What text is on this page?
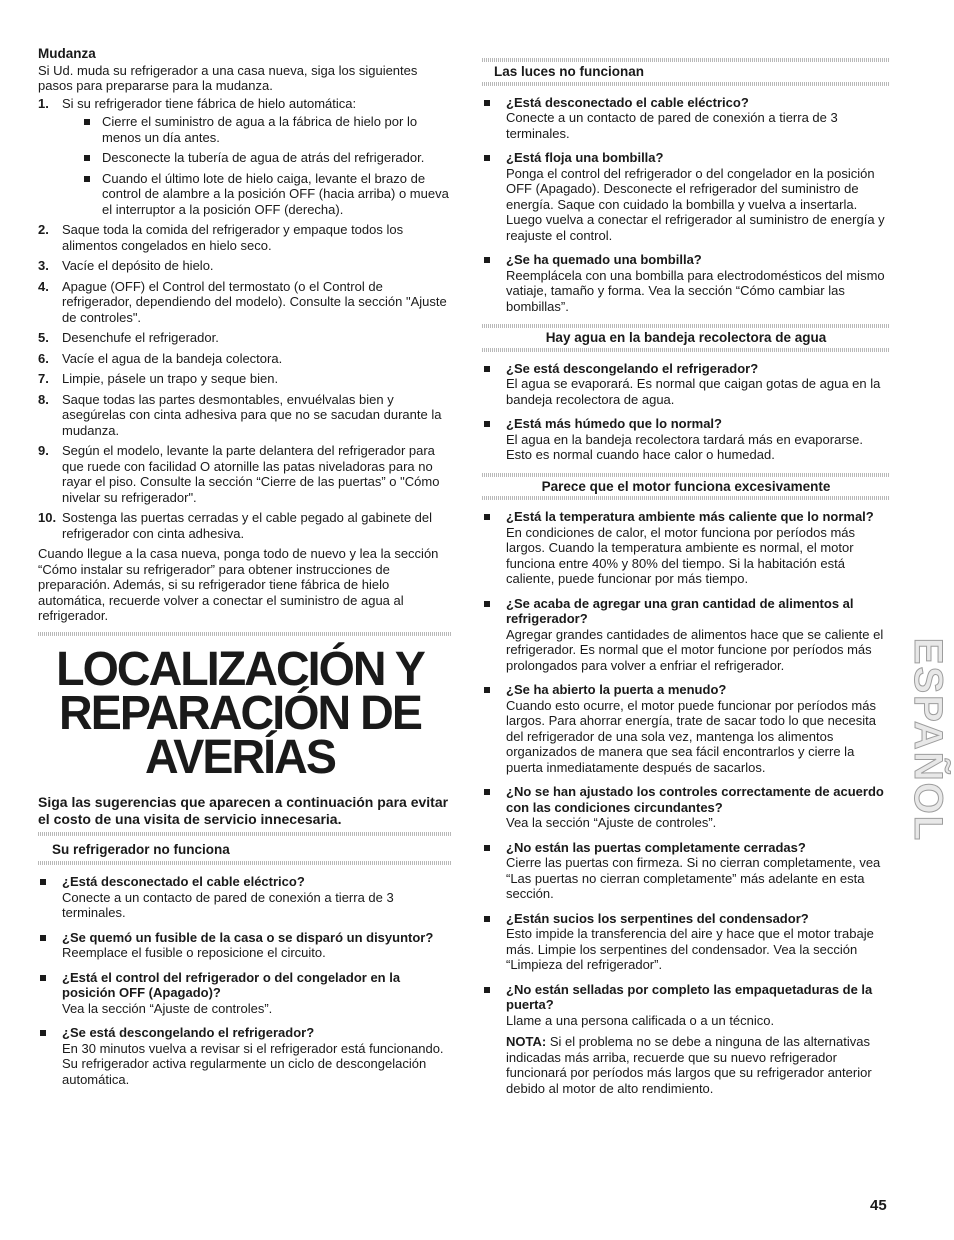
Mudanza

Si Ud. muda su refrigerador a una casa nueva, siga los siguientes pasos para prepararse para la mudanza.

1. Si su refrigerador tiene fábrica de hielo automática:
Cierre el suministro de agua a la fábrica de hielo por lo menos un día antes.
Desconecte la tubería de agua de atrás del refrigerador.
Cuando el último lote de hielo caiga, levante el brazo de control de alambre a la posición OFF (hacia arriba) o mueva el interruptor a la posición OFF (derecha).
2. Saque toda la comida del refrigerador y empaque todos los alimentos congelados en hielo seco.
3. Vacíe el depósito de hielo.
4. Apague (OFF) el Control del termostato (o el Control de refrigerador, dependiendo del modelo). Consulte la sección "Ajuste de controles".
5. Desenchufe el refrigerador.
6. Vacíe el agua de la bandeja colectora.
7. Limpie, pásele un trapo y seque bien.
8. Saque todas las partes desmontables, envuélvalas bien y asegúrelas con cinta adhesiva para que no se sacudan durante la mudanza.
9. Según el modelo, levante la parte delantera del refrigerador para que ruede con facilidad O atornille las patas niveladoras para no rayar el piso. Consulte la sección “Cierre de las puertas” o "Cómo nivelar su refrigerador".
10. Sostenga las puertas cerradas y el cable pegado al gabinete del refrigerador con cinta adhesiva.

Cuando llegue a la casa nueva, ponga todo de nuevo y lea la sección “Cómo instalar su refrigerador” para obtener instrucciones de preparación. Además, si su refrigerador tiene fábrica de hielo automática, recuerde volver a conectar el suministro de agua al refrigerador.

LOCALIZACIÓN Y
REPARACIÓN DE
AVERÍAS

Siga las sugerencias que aparecen a continuación para evitar el costo de una visita de servicio innecesaria.

Su refrigerador no funciona
¿Está desconectado el cable eléctrico?
Conecte a un contacto de pared de conexión a tierra de 3 terminales.
¿Se quemó un fusible de la casa o se disparó un disyuntor?
Reemplace el fusible o reposicione el circuito.
¿Está el control del refrigerador o del congelador en la posición OFF (Apagado)?
Vea la sección “Ajuste de controles”.
¿Se está descongelando el refrigerador?
En 30 minutos vuelva a revisar si el refrigerador está funcionando. Su refrigerador activa regularmente un ciclo de descongelación automática.
Las luces no funcionan
¿Está desconectado el cable eléctrico?
Conecte a un contacto de pared de conexión a tierra de 3 terminales.
¿Está floja una bombilla?
Ponga el control del refrigerador o del congelador en la posición OFF (Apagado). Desconecte el refrigerador del suministro de energía. Saque con cuidado la bombilla y vuelva a insertarla. Luego vuelva a conectar el refrigerador al suministro de energía y reajuste el control.
¿Se ha quemado una bombilla?
Reemplácela con una bombilla para electrodomésticos del mismo vatiaje, tamaño y forma. Vea la sección “Cómo cambiar las bombillas”.
Hay agua en la bandeja recolectora de agua
¿Se está descongelando el refrigerador?
El agua se evaporará. Es normal que caigan gotas de agua en la bandeja recolectora de agua.
¿Está más húmedo que lo normal?
El agua en la bandeja recolectora tardará más en evaporarse. Esto es normal cuando hace calor o humedad.
Parece que el motor funciona excesivamente
¿Está la temperatura ambiente más caliente que lo normal?
En condiciones de calor, el motor funciona por períodos más largos. Cuando la temperatura ambiente es normal, el motor funciona entre 40% y 80% del tiempo. Si la habitación está caliente, puede funcionar por más tiempo.
¿Se acaba de agregar una gran cantidad de alimentos al refrigerador?
Agregar grandes cantidades de alimentos hace que se caliente el refrigerador. Es normal que el motor funcione por períodos más prolongados para volver a enfriar el refrigerador.
¿Se ha abierto la puerta a menudo?
Cuando esto ocurre, el motor puede funcionar por períodos más largos. Para ahorrar energía, trate de sacar todo lo que necesita del refrigerador de una sola vez, mantenga los alimentos organizados de manera que sea fácil encontrarlos y cierre la puerta inmediatamente después de sacarlos.
¿No se han ajustado los controles correctamente de acuerdo con las condiciones circundantes?
Vea la sección “Ajuste de controles”.
¿No están las puertas completamente cerradas?
Cierre las puertas con firmeza. Si no cierran completamente, vea “Las puertas no cierran completamente” más adelante en esta sección.
¿Están sucios los serpentines del condensador?
Esto impide la transferencia del aire y hace que el motor trabaje más. Limpie los serpentines del condensador. Vea la sección “Limpieza del refrigerador”.
¿No están selladas por completo las empaquetaduras de la puerta?
Llame a una persona calificada o a un técnico.

NOTA: Si el problema no se debe a ninguna de las alternativas indicadas más arriba, recuerde que su nuevo refrigerador funcionará por períodos más largos que su refrigerador anterior debido al motor de alto rendimiento.

ESPAÑOL
45
